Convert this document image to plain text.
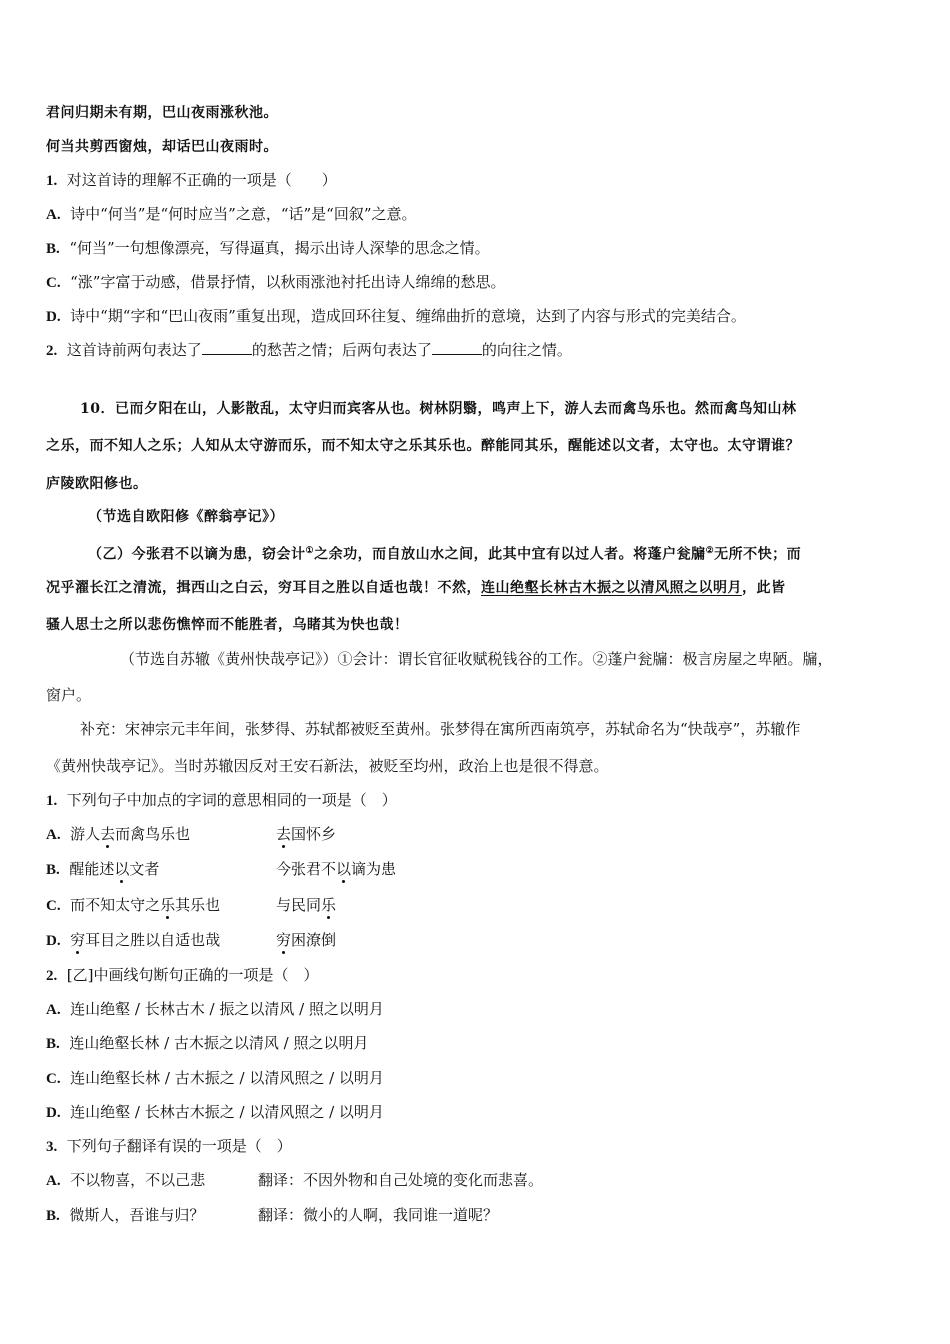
君问归期未有期，巴山夜雨涨秋池。
何当共剪西窗烛，却话巴山夜雨时。
1. 对这首诗的理解不正确的一项是（　　）
A. 诗中“何当”是“何时应当”之意，“话”是“回叙”之意。
B. “何当”一句想像漂亮，写得逼真，揭示出诗人深挚的思念之情。
C. “涨”字富于动感，借景抒情，以秋雨涨池衬托出诗人绵绵的愁思。
D. 诗中“期“字和“巴山夜雨”重复出现，造成回环往复、缠绵曲折的意境，达到了内容与形式的完美结合。
2. 这首诗前两句表达了	的愁苦之情；后两句表达了	的向往之情。
10．已而夕阳在山，人影散乱，太守归而宾客从也。树林阴翳，鸣声上下，游人去而禽鸟乐也。然而禽鸟知山林
之乐，而不知人之乐；人知从太守游而乐，而不知太守之乐其乐也。醉能同其乐，醒能述以文者，太守也。太守谓谁？
庐陵欧阳修也。
（节选自欧阳修《醉翁亭记》）
（乙）今张君不以谪为患，窃会计①之余功，而自放山水之间，此其中宜有以过人者。将蓬户瓮牖②无所不快；而
况乎濯长江之清流，揖西山之白云，穷耳目之胜以自适也哉！不然，连山绝壑长林古木振之以清风照之以明月，此皆
骚人思士之所以悲伤憔悴而不能胜者，乌睹其为快也哉！
（节选自苏辙《黄州快哉亭记》）①会计：谓长官征收赋税钱谷的工作。②蓬户瓮牖：极言房屋之卑陋。牖，
窗户。
补充：宋神宗元丰年间，张梦得、苏轼都被贬至黄州。张梦得在寓所西南筑亭，苏轼命名为“快哉亭”，苏辙作
《黄州快哉亭记》。当时苏辙因反对王安石新法，被贬至均州，政治上也是很不得意。
1. 下列句子中加点的字词的意思相同的一项是（　）
A. 游人去而禽鸟乐也	去国怀乡
B. 醒能述以文者	今张君不以谪为患
C. 而不知太守之乐其乐也	与民同乐
D. 穷耳目之胜以自适也哉	穷困潦倒
2. [乙]中画线句断句正确的一项是（　）
A. 连山绝壑 / 长林古木 / 振之以清风 / 照之以明月
B. 连山绝壑长林 / 古木振之以清风 / 照之以明月
C. 连山绝壑长林 / 古木振之 / 以清风照之 / 以明月
D. 连山绝壑 / 长林古木振之 / 以清风照之 / 以明月
3. 下列句子翻译有误的一项是（　）
A. 不以物喜，不以己悲	翻译：不因外物和自己处境的变化而悲喜。
B. 微斯人，吾谁与归？	翻译：微小的人啊，我同谁一道呢？
